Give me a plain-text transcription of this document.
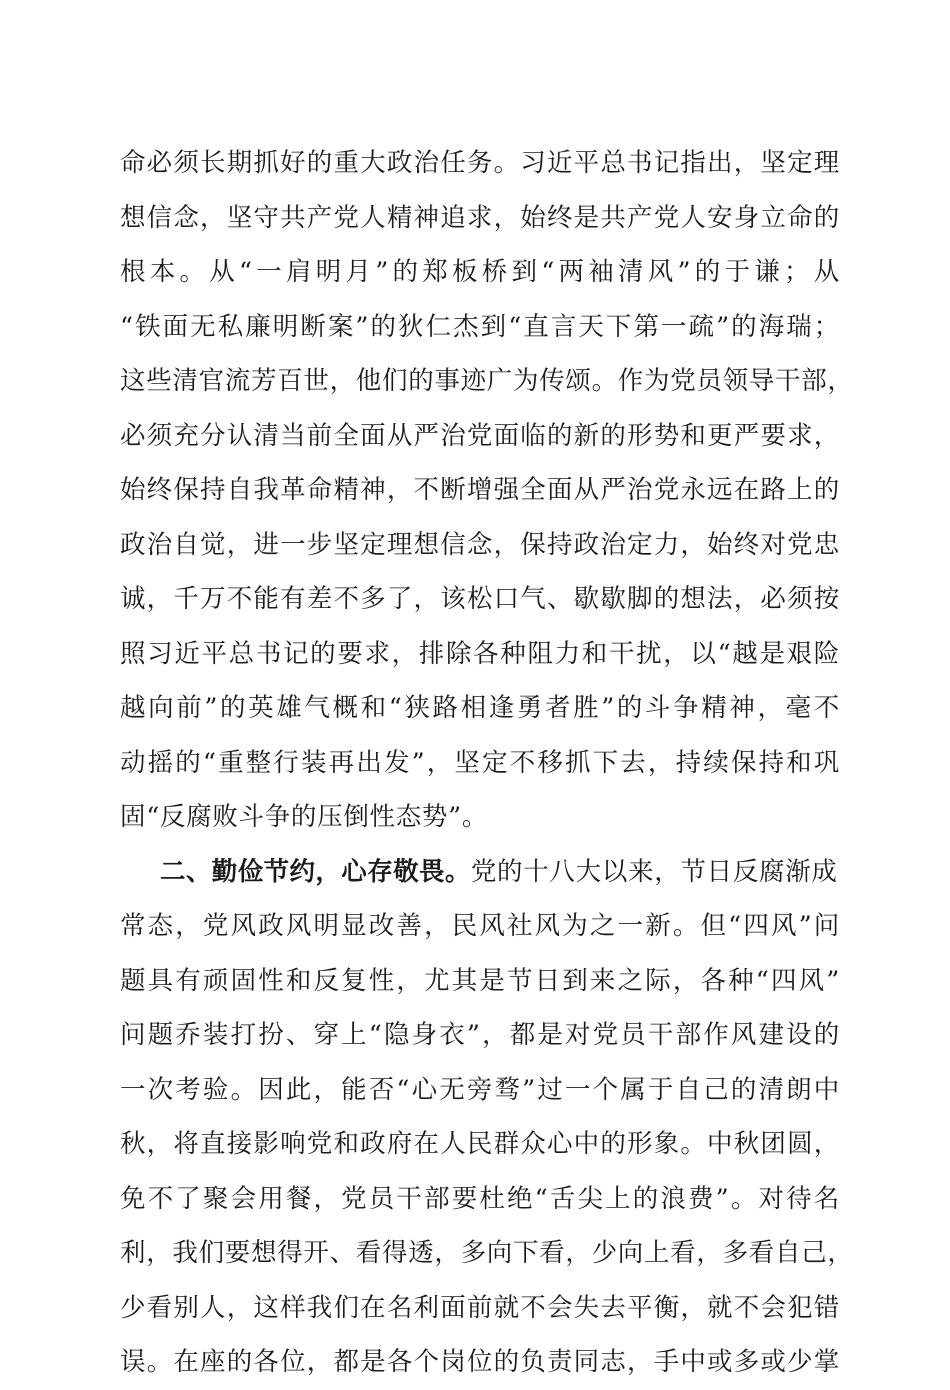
命必须长期抓好的重大政治任务。习近平总书记指出，坚定理
想信念，坚守共产党人精神追求，始终是共产党人安身立命的
根本。从“一肩明月”的郑板桥到“两袖清风”的于谦；从
“铁面无私廉明断案”的狄仁杰到“直言天下第一疏”的海瑞；
这些清官流芳百世，他们的事迹广为传颂。作为党员领导干部，
必须充分认清当前全面从严治党面临的新的形势和更严要求，
始终保持自我革命精神，不断增强全面从严治党永远在路上的
政治自觉，进一步坚定理想信念，保持政治定力，始终对党忠
诚，千万不能有差不多了，该松口气、歇歇脚的想法，必须按
照习近平总书记的要求，排除各种阻力和干扰，以“越是艰险
越向前”的英雄气概和“狭路相逢勇者胜”的斗争精神，毫不
动摇的“重整行装再出发”，坚定不移抓下去，持续保持和巩
固“反腐败斗争的压倒性态势”。
二、勤俭节约，心存敬畏。党的十八大以来，节日反腐渐成
常态，党风政风明显改善，民风社风为之一新。但“四风”问
题具有顽固性和反复性，尤其是节日到来之际，各种“四风”
问题乔装打扮、穿上“隐身衣”，都是对党员干部作风建设的
一次考验。因此，能否“心无旁骛”过一个属于自己的清朗中
秋，将直接影响党和政府在人民群众心中的形象。中秋团圆，
免不了聚会用餐，党员干部要杜绝“舌尖上的浪费”。对待名
利，我们要想得开、看得透，多向下看，少向上看，多看自己，
少看别人，这样我们在名利面前就不会失去平衡，就不会犯错
误。在座的各位，都是各个岗位的负责同志，手中或多或少掌
